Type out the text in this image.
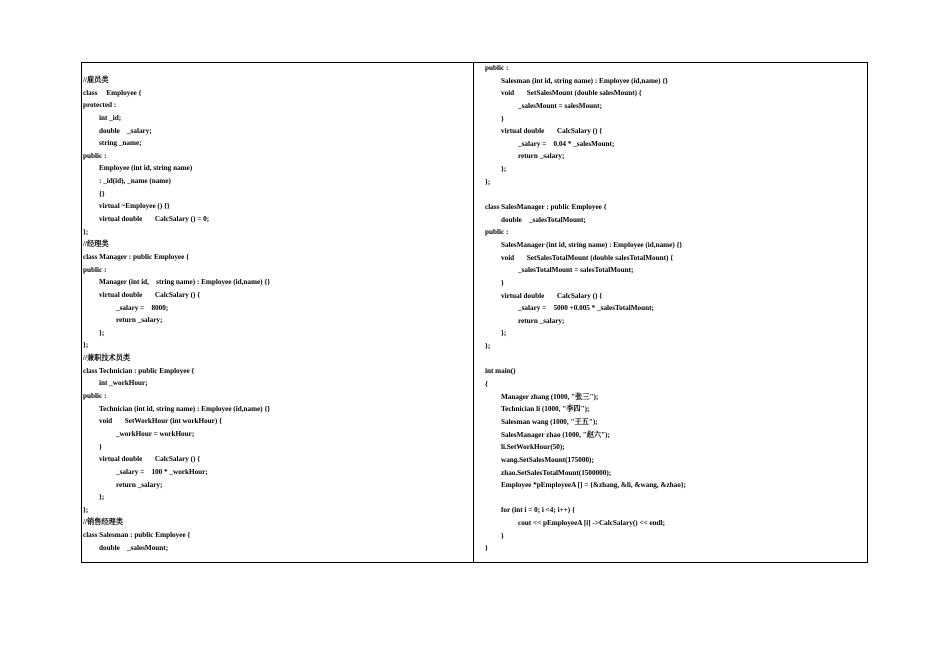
//雇员类
class     Employee {
protected :
int _id;
double    _salary;
string _name;
public :
Employee (int id, string name)
: _id(id), _name (name)
{}
virtual ~Employee () {}
virtual double       CalcSalary () = 0;
};
//经理类
class Manager : public Employee {
public :
Manager (int id,    string name) : Employee (id,name) {}
virtual double       CalcSalary () {
_salary =    8000;
return _salary;
};
};
//兼职技术员类
class Technician : public Employee {
int _workHour;
public :
Technician (int id, string name) : Employee (id,name) {}
void       SetWorkHour (int workHour) {
_workHour = workHour;
}
virtual double       CalcSalary () {
_salary =    100 * _workHour;
return _salary;
};
};
//销售经理类
class Salesman : public Employee {
double    _salesMount;
public :
Salesman (int id, string name) : Employee (id,name) {}
void       SetSalesMount (double salesMount) {
_salesMount = salesMount;
}
virtual double       CalcSalary () {
_salary =    0.04 * _salesMount;
return _salary;
};
};
class SalesManager : public Employee {
double    _salesTotalMount;
public :
SalesManager (int id, string name) : Employee (id,name) {}
void       SetSalesTotalMount (double salesTotalMount) {
_salesTotalMount = salesTotalMount;
}
virtual double       CalcSalary () {
_salary =    5000 +0.005 * _salesTotalMount;
return _salary;
};
};
int main()
{
Manager zhang (1000, "张三");
Technician li (1000, "李四");
Salesman wang (1000, "王五");
SalesManager zhao (1000, "赵六");
li.SetWorkHour(50);
wang.SetSalesMount(175000);
zhao.SetSalesTotalMount(1500000);
Employee *pEmployeeA [] = {&zhang, &li, &wang, &zhao};
for (int i = 0; i <4; i++) {
cout << pEmployeeA [i] ->CalcSalary() << endl;
}
}
